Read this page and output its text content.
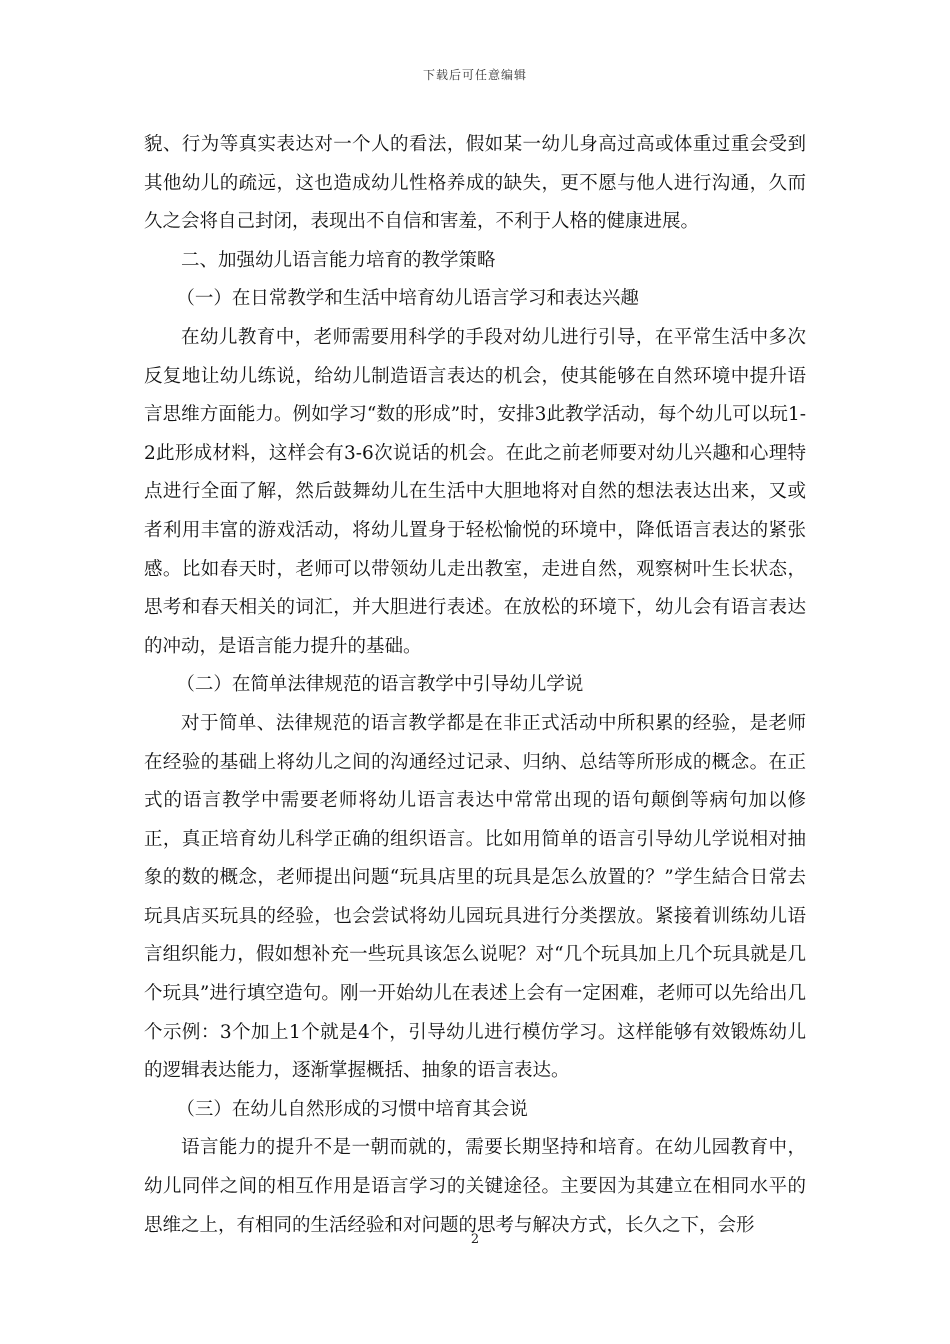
下载后可任意编辑

貌、行为等真实表达对一个人的看法，假如某一幼儿身高过高或体重过重会受到其他幼儿的疏远，这也造成幼儿性格养成的缺失，更不愿与他人进行沟通，久而久之会将自己封闭，表现出不自信和害羞，不利于人格的健康进展。

二、加强幼儿语言能力培育的教学策略

（一）在日常教学和生活中培育幼儿语言学习和表达兴趣

在幼儿教育中，老师需要用科学的手段对幼儿进行引导，在平常生活中多次反复地让幼儿练说，给幼儿制造语言表达的机会，使其能够在自然环境中提升语言思维方面能力。例如学习“数的形成”时，安排3此教学活动，每个幼儿可以玩1-2此形成材料，这样会有3-6次说话的机会。在此之前老师要对幼儿兴趣和心理特点进行全面了解，然后鼓舞幼儿在生活中大胆地将对自然的想法表达出来，又或者利用丰富的游戏活动，将幼儿置身于轻松愉悦的环境中，降低语言表达的紧张感。比如春天时，老师可以带领幼儿走出教室，走进自然，观察树叶生长状态，思考和春天相关的词汇，并大胆进行表述。在放松的环境下，幼儿会有语言表达的冲动，是语言能力提升的基础。

（二）在简单法律规范的语言教学中引导幼儿学说

对于简单、法律规范的语言教学都是在非正式活动中所积累的经验，是老师在经验的基础上将幼儿之间的沟通经过记录、归纳、总结等所形成的概念。在正式的语言教学中需要老师将幼儿语言表达中常常出现的语句颠倒等病句加以修正，真正培育幼儿科学正确的组织语言。比如用简单的语言引导幼儿学说相对抽象的数的概念，老师提出问题“玩具店里的玩具是怎么放置的？”学生結合日常去玩具店买玩具的经验，也会尝试将幼儿园玩具进行分类摆放。紧接着训练幼儿语言组织能力，假如想补充一些玩具该怎么说呢？对“几个玩具加上几个玩具就是几个玩具”进行填空造句。刚一开始幼儿在表述上会有一定困难，老师可以先给出几个示例：3个加上1个就是4个，引导幼儿进行模仿学习。这样能够有效锻炼幼儿的逻辑表达能力，逐渐掌握概括、抽象的语言表达。

（三）在幼儿自然形成的习惯中培育其会说

语言能力的提升不是一朝而就的，需要长期坚持和培育。在幼儿园教育中，幼儿同伴之间的相互作用是语言学习的关键途径。主要因为其建立在相同水平的思维之上，有相同的生活经验和对问题的思考与解决方式，长久之下，会形

2
